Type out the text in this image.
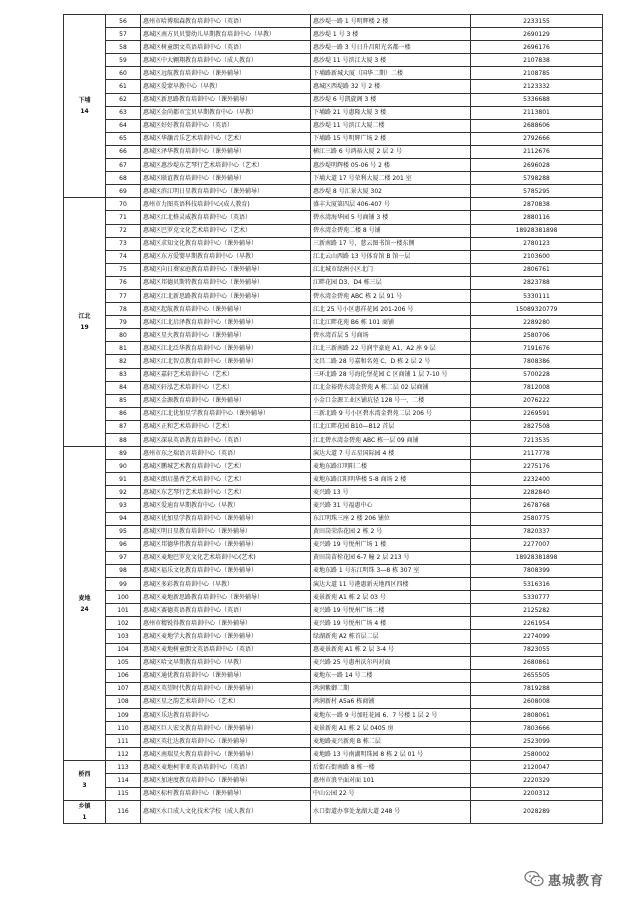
下埔
14	56	惠州市哈博瑞森教育培训中心（英语）	惠沙堤一路 1 号明辉楼 2 楼	2233155
	57	惠城区南方贝贝婴幼儿早期教育培训中心（早教）	惠沙堤 1 号 3 楼	2690129
	58	惠城区树童朗文英语培训中心（英语）	惠沙堤一路 3 号日升昌阳光名都一楼	2696176
	59	惠城区中大翱翔教育培训中心（成人教育）	惠沙堤 11 号滨江大厦 3 楼	2107838
	60	惠城区远航教育培训中心（课外辅导）	下埔路新城大厦（国华二期）二楼	2108785
	61	惠城区爱蒙早教中心（早教）	惠城区西堤路 32 号 2 楼	2123332
	62	惠城区新思路教育培训中心（课外辅导）	惠沙堤 6 号凯旋阁 3 楼	5336688
	63	惠城区金尚都市宝贝早期教育中心（早教）	下埔路 21 号惠隆大厦 3 楼	2113801
	64	惠城区好好教育培训中心（英语）	惠沙堤 11 号滨江大厦二楼	2688606
	65	惠城区华灏音乐艺术培训中心（艺术）	下埔路 15 号明辉广场 2 楼	2792666
	66	惠城区泽华教育培训中心（课外辅导）	横江三路 6 号鸿裕大厦 2 层 2 号	2112676
	67	惠城区惠沙堤东艺琴行艺术培训中心（艺术）	惠沙堤明辉楼 05-06 号 2 楼	2696028
	68	惠城区联谊教育培训中心（课外辅导）	下埔大道 17 号荣利大厦二楼 201 室	5798288
	69	惠城区滨江明日星教育培训中心（课外辅导）	惠沙堤 8 号汇景大厦 302	5785295

江北
19	70	惠州市力图英语科技培训中心(成人教育)	盛丰大厦第四层 406-407 号	2870838
	71	惠城区江北格灵威教育培训中心（英语）	碧水湾海华园 5 号商铺 3 楼	2880116
	72	惠城区巴罗克文化艺术培训中心（艺术）	碧水湾金碧苑二楼 8 号铺	18928381898
	73	惠城区求知文化教育培训中心（课外辅导）	三新南路 17 号，慈云图书馆一楼东侧	2780123
	74	惠城区东方爱婴早期教育培训中心（早教）	江北云山西路 13 号体育馆 B 馆一层	2103600
	75	惠城区向日葵家庭教育培训中心（课外辅导）	江北城市绿洲小区北门	2806761
	76	惠城区邦德贝斯特教育培训中心（课外辅导）	江畔花园 D3、D4 栋三层	2823788
	77	惠城区江北新思路教育培训中心（课外辅导）	碧水湾金碧苑 ABC 栋 2 层 91 号	5330111
	78	惠城区起航教育培训中心（课外辅导）	江北 25 号小区惠祥花园 201-206 号	15089320779
	79	惠城区江北启泽教育培训中心（课外辅导）	江北江畔花苑 B6 栋 101 商铺	2289280
	80	惠城区星火教育培训中心（课外辅导）	碧水湾首层 5 号商场	2580706
	81	惠城区江北泛华教育培训中心（课外辅导）	江北三新南路 22 号润宇豪庭 A1、A2 座 9 层	7191676
	82	惠城区江北智点教育培训中心（课外辅导）	文昌二路 28 号嘉和名苑 C、D 栋 2 层 2 号	7808386
	83	惠城区嘉轩艺术培训中心（艺术）	三环北路 28 号海伦堡花园 C 区商铺 1 层 7-10 号	5700228
	84	惠城区轩泓艺术培训中心（艺术）	江北金裕碧水湾金碧苑 A 栋二层 02 层商铺	7812008
	85	惠城区金源教育培训中心（课外辅导）	小金口金源工业区铺坑径 128 号一、二楼	2076222
	86	惠城区江北优加星学教育培训中心（课外辅导）	三新北路 9 号小区碧水湾金碧苑二层 206 号	2269591
	87	惠城区正和艺术培训中心（艺术）	江北江畔花园 B10—B12 首层	2827508
	88	惠城区深泉英语教育培训中心（英语）	江北碧水湾金碧苑 ABC 栋一层 09 商铺	7213535

麦地
24	89	惠州市东之瑞语言培训中心（英语）	演达大道 7 号五星国际园 4 楼	2117778
	90	惠城区鹏城艺术教育培训中心（艺术）	麦地东路江明阳二楼	2275176
	91	惠城区朗启墨香艺术培训中心（艺术）	麦地东路江阳明华楼 5-8 商场 2 楼	2232400
	92	惠城区东艺琴行艺术培训中心（艺术）	麦兴路 13 号	2282840
	93	惠城区爱迪育早期教育中心（早教）	麦兴路 31 号福惠中心	2678768
	94	惠城区优加星学教育培训中心（课外辅导）	东江明珠三座 2 楼 206 铺位	2580775
	95	惠城区明日星教育培训中心（课外辅导）	黄田岗荣浩花园 2 栋 2 号	7820337
	96	惠城区邦德华伟教育培训中心（课外辅导）	麦兴路 19 号悦州广场 1 楼	2277007
	97	惠城区麦地巴罗克文化艺术培训中心(艺术)	黄田岗苗栓花园 6-7 幢 2 层 213 号	18928381898
	98	惠城区福乐文化教育培训中心（课外辅导）	麦地东路 1 号东江明珠 3—8 栋 307 室	7808399
	99	惠城区多彩教育培训中心（早教）	演达大道 11 号港惠新天地西区四楼	5316316
	100	惠城区麦地新思路教育培训中心（课外辅导）	麦景新苑 A1 栋 2 层 03 号	5330777
	101	惠城区赛德英语教育培训中心（英语）	麦兴路 19 号悦州广场二楼	2125282
	102	惠州市精锐得教育培训中心（课外辅导）	麦兴路 19 号悦州广场 4 楼	2261954
	103	惠城区麦地学大教育培训中心（课外辅导）	绿湖新苑 A2 栋首层二层	2274099
	104	惠城区麦地树童朗文英语培训中心（英语）	惠麦景新苑 A1 栋 2 层 3-4 号	7823055
	105	惠城区哈文早期教育培训中心（早教）	麦兴路 25 号惠州沃尔玛对面	2680861
	106	惠城区通优教育培训中心（课外辅导）	麦地东一路 14 号二楼	2655505
	107	惠城区英望时代教育培训中心（课外辅导）	鸿润紫御二期	7819288
	108	惠城区星之韵艺术培训中心（艺术）	鸿润新村 A5a6 栋商铺	2608008
	109	惠城区乐达教育培训中心	麦地东一路 9 号加旺花园 6、7 号楼 1 层 2 号	2808061
	110	惠城区巨人宏文教育培训中心（课外辅导）	麦景新苑 A1 栋 2 层 0405 房	7803666
	111	惠城区英壮达教育培训中心（课外辅导）	麦地路麦兴新苑 B 栋二层	2523099
	112	惠城区南瑞星火教育培训中心（课外辅导）	麦地路 13 号南湖明珠园 8 栋 2 层 01 号	2580002

桥西
3	113	惠城区麦地柯菲亚英语培训中心（英语）	后街石街南路 8 栋一楼	2120047
	114	惠城区加速度教育培训中心（课外辅导）	惠州市浪平面对面 101	2220329
	115	惠城区标杆教育培训中心（课外辅导）	中山公园 22 号	2200312

乡镇
1	116	惠城区水口成人文化技术学校（成人教育）	水口街道办事处龙湖大道 248 号	2028289
惠城教育
